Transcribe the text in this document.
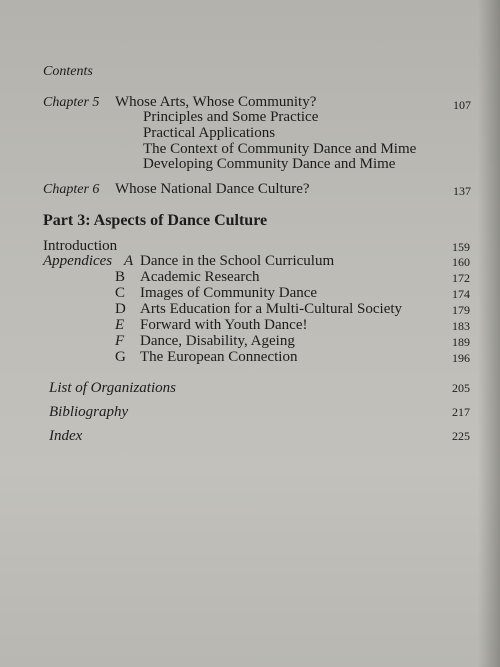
Contents
Chapter 5 Whose Arts, Whose Community?	107
Principles and Some Practice
Practical Applications
The Context of Community Dance and Mime
Developing Community Dance and Mime
Chapter 6 Whose National Dance Culture?	137
Part 3: Aspects of Dance Culture
Introduction	159
Appendices A Dance in the School Curriculum	160
B Academic Research	172
C Images of Community Dance	174
D Arts Education for a Multi-Cultural Society	179
E Forward with Youth Dance!	183
F Dance, Disability, Ageing	189
G The European Connection	196
List of Organizations	205
Bibliography	217
Index	225
